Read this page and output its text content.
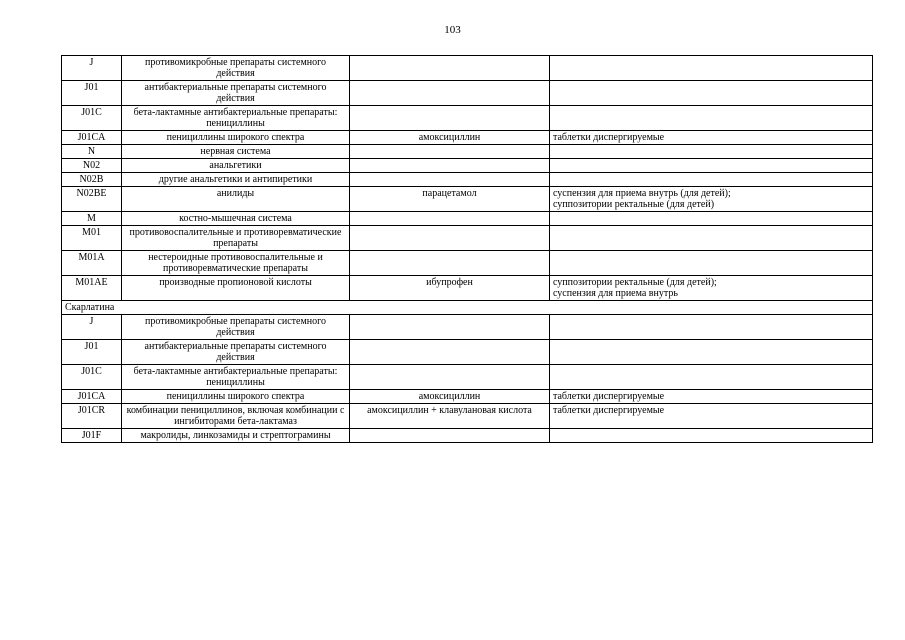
103
J	противомикробные препараты системного действия		
J01	антибактериальные препараты системного действия		
J01C	бета-лактамные антибактериальные препараты: пенициллины		
J01CA	пенициллины широкого спектра	амоксициллин	таблетки диспергируемые
N	нервная система		
N02	анальгетики		
N02B	другие анальгетики и антипиретики		
N02BE	анилиды	парацетамол	суспензия для приема внутрь (для детей);
суппозитории ректальные (для детей)
M	костно-мышечная система		
M01	противовоспалительные и противоревматические препараты		
M01A	нестероидные противовоспалительные и противоревматические препараты		
M01AE	производные пропионовой кислоты	ибупрофен	суппозитории ректальные (для детей);
суспензия для приема внутрь
Скарлатина			
J	противомикробные препараты системного действия		
J01	антибактериальные препараты системного действия		
J01C	бета-лактамные антибактериальные препараты: пенициллины		
J01CA	пенициллины широкого спектра	амоксициллин	таблетки диспергируемые
J01CR	комбинации пенициллинов, включая комбинации с ингибиторами бета-лактамаз	амоксициллин + клавулановая кислота	таблетки диспергируемые
J01F	макролиды, линкозамиды и стрептограмины		
